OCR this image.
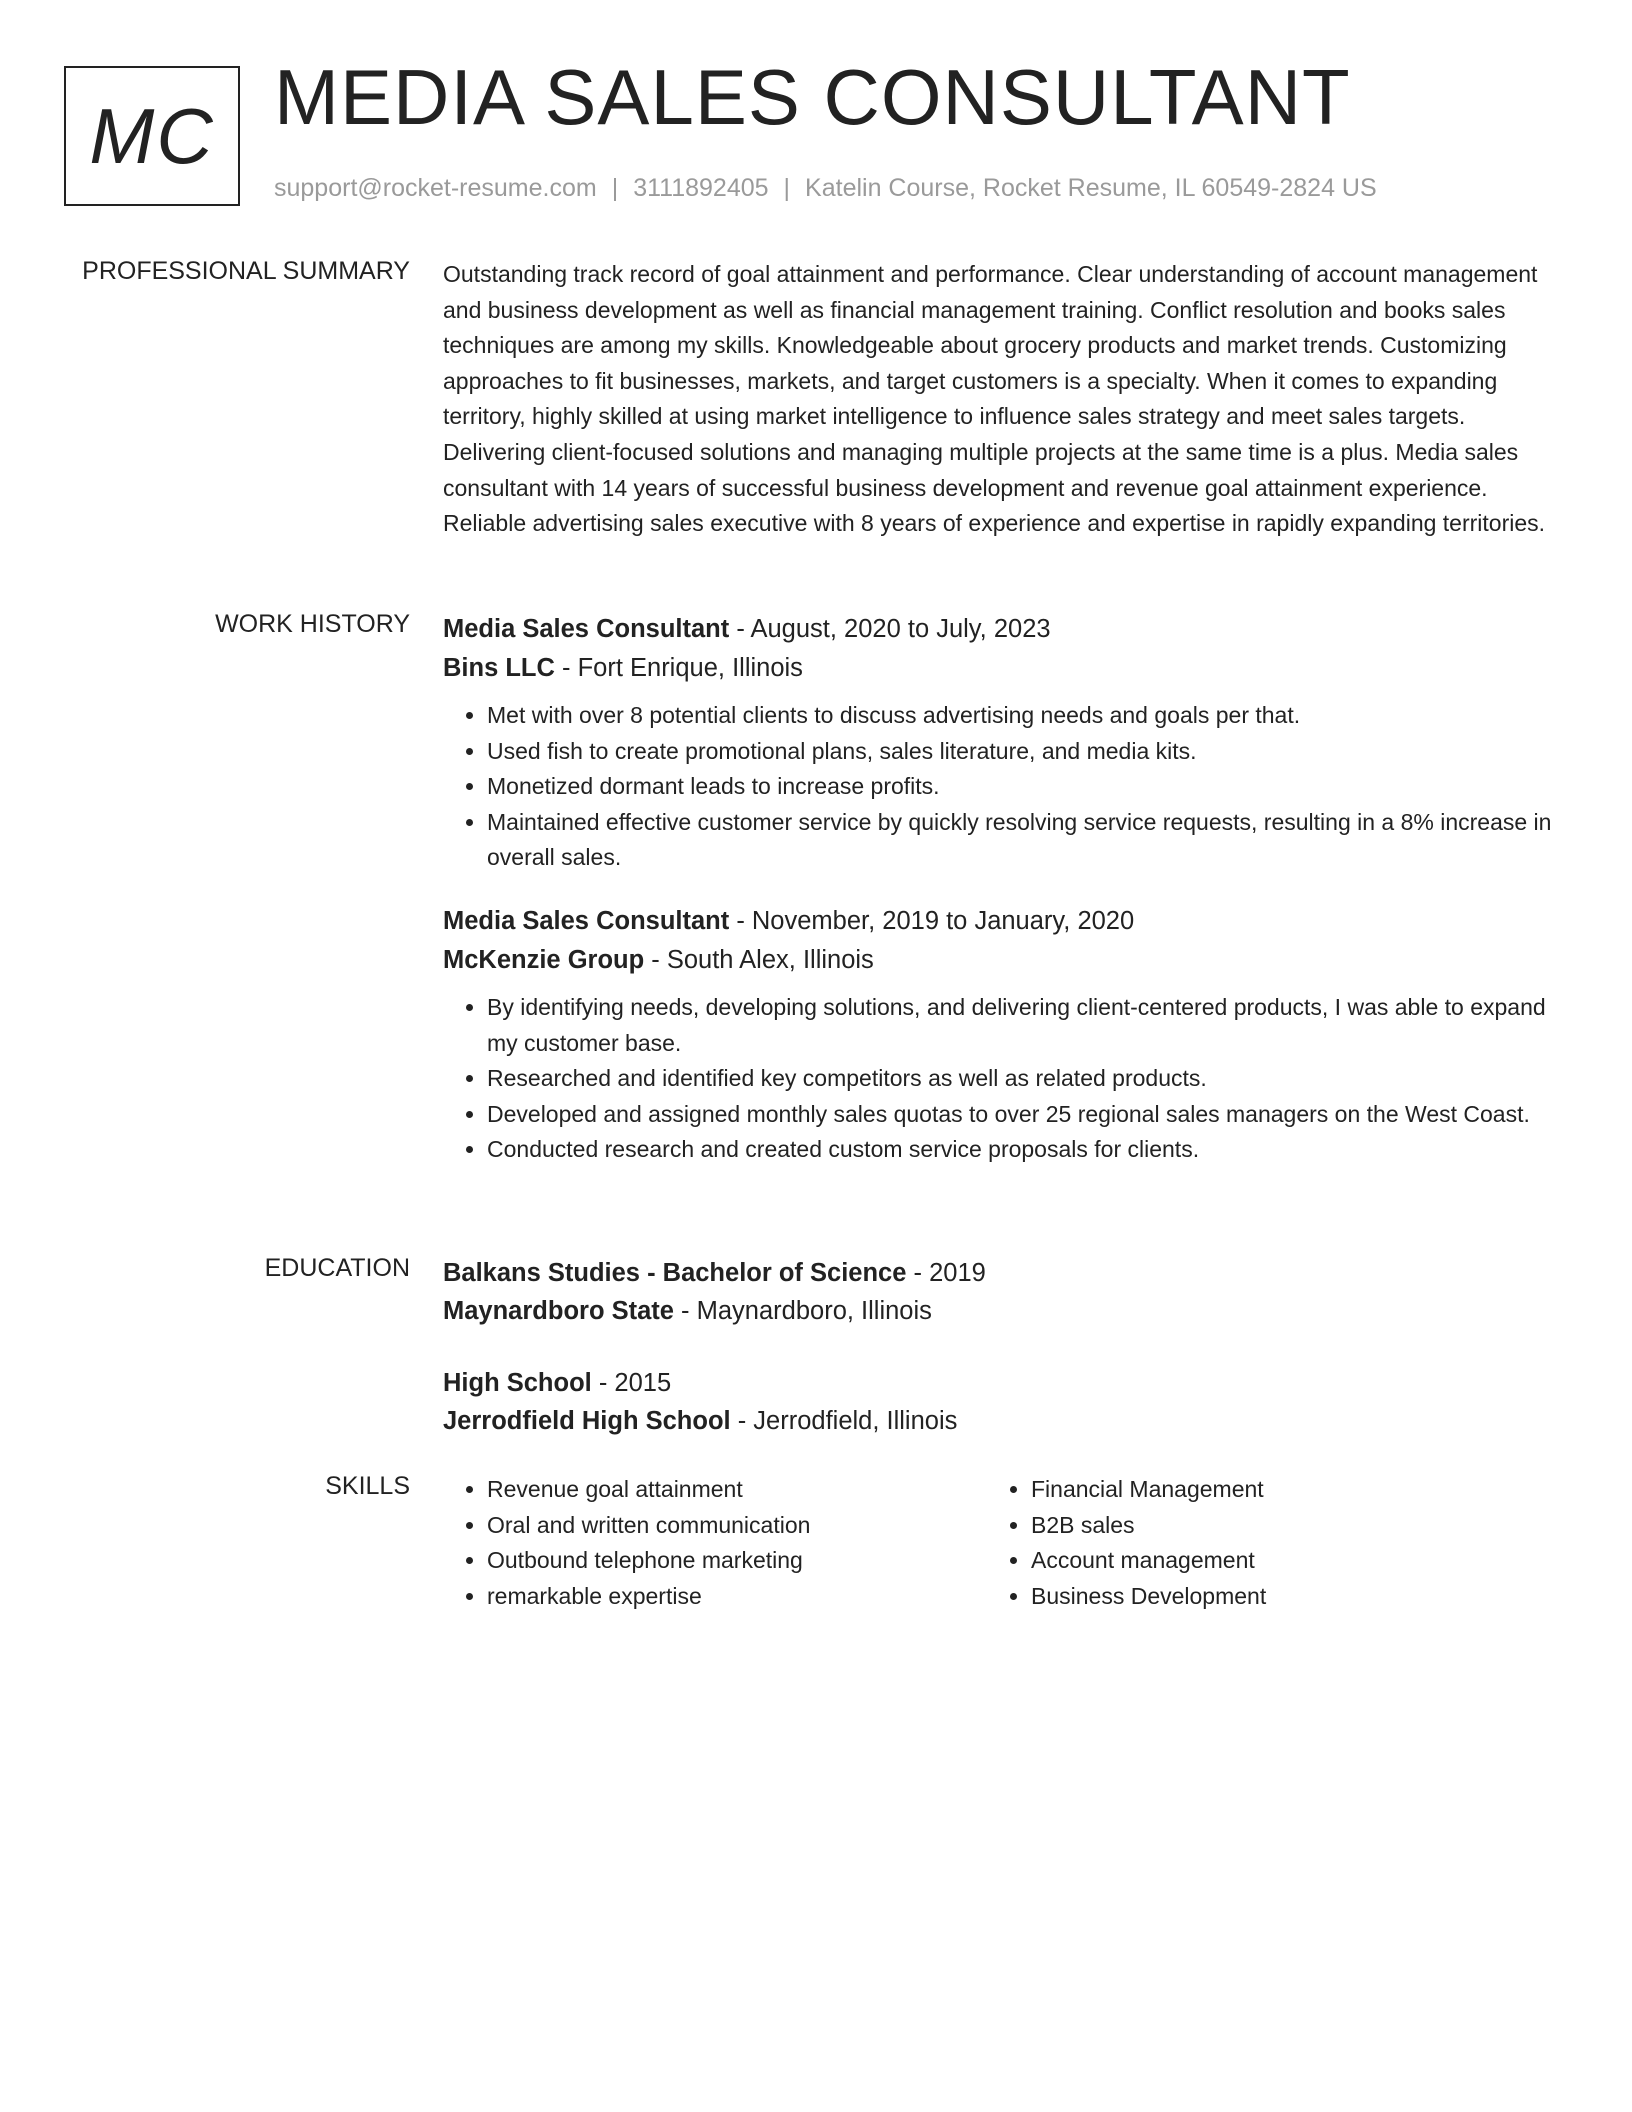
MC MEDIA SALES CONSULTANT
support@rocket-resume.com | 3111892405 | Katelin Course, Rocket Resume, IL 60549-2824 US
PROFESSIONAL SUMMARY Outstanding track record of goal attainment and performance. Clear understanding of account management and business development as well as financial management training. Conflict resolution and books sales techniques are among my skills. Knowledgeable about grocery products and market trends. Customizing approaches to fit businesses, markets, and target customers is a specialty. When it comes to expanding territory, highly skilled at using market intelligence to influence sales strategy and meet sales targets. Delivering client-focused solutions and managing multiple projects at the same time is a plus. Media sales consultant with 14 years of successful business development and revenue goal attainment experience. Reliable advertising sales executive with 8 years of experience and expertise in rapidly expanding territories.
WORK HISTORY Media Sales Consultant - August, 2020 to July, 2023
Bins LLC - Fort Enrique, Illinois
• Met with over 8 potential clients to discuss advertising needs and goals per that.
• Used fish to create promotional plans, sales literature, and media kits.
• Monetized dormant leads to increase profits.
• Maintained effective customer service by quickly resolving service requests, resulting in a 8% increase in overall sales.
Media Sales Consultant - November, 2019 to January, 2020
McKenzie Group - South Alex, Illinois
• By identifying needs, developing solutions, and delivering client-centered products, I was able to expand my customer base.
• Researched and identified key competitors as well as related products.
• Developed and assigned monthly sales quotas to over 25 regional sales managers on the West Coast.
• Conducted research and created custom service proposals for clients.
EDUCATION Balkans Studies - Bachelor of Science - 2019
Maynardboro State - Maynardboro, Illinois
High School - 2015
Jerrodfield High School - Jerrodfield, Illinois
SKILLS
•	Revenue goal attainment
• Oral and written communication
• Outbound telephone marketing
• remarkable expertise
• Financial Management
• B2B sales
• Account management
• Business Development
